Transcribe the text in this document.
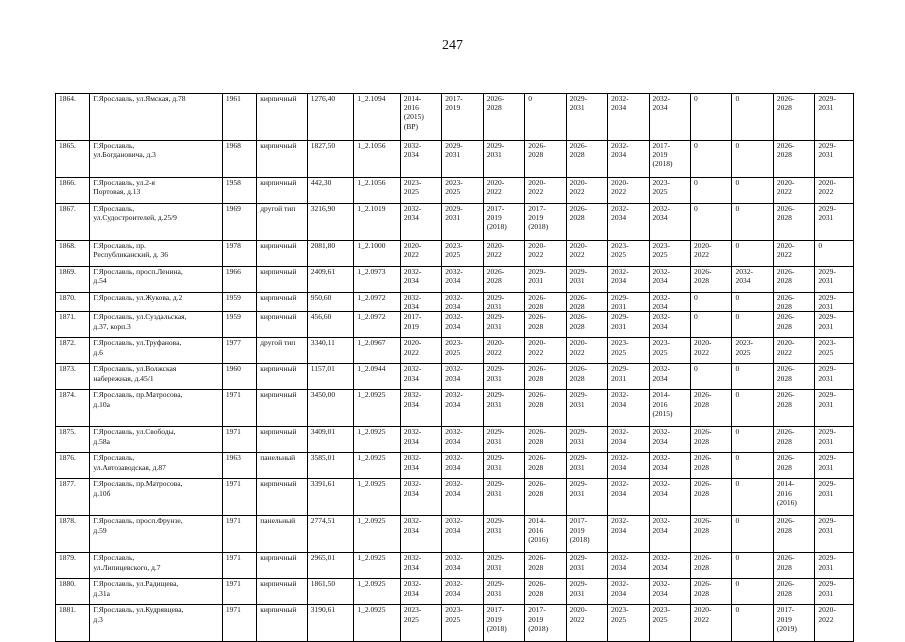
247
1864.	Г.Ярославль, ул.Ямская, д.78	1961	кирпичный	1276,40	1_2.1094	2014-
2016
(2015)
(ВР)	2017-
2019	2026-
2028	0	2029-
2031	2032-
2034	2032-
2034	0	0	2026-
2028	2029-
2031
1865.	Г.Ярославль,
ул.Богдановича, д.3	1968	кирпичный	1827,50	1_2.1056	2032-
2034	2029-
2031	2029-
2031	2026-
2028	2026-
2028	2032-
2034	2017-
2019
(2018)	0	0	2026-
2028	2029-
2031
1866.	Г.Ярославль, ул.2-я
Портовая, д.13	1958	кирпичный	442,30	1_2.1056	2023-
2025	2023-
2025	2020-
2022	2020-
2022	2020-
2022	2020-
2022	2023-
2025	0	0	2020-
2022	2020-
2022
1867.	Г.Ярославль,
ул.Судостроителей, д.25/9	1969	другой тип	3216,90	1_2.1019	2032-
2034	2029-
2031	2017-
2019
(2018)	2017-
2019
(2018)	2026-
2028	2032-
2034	2032-
2034	0	0	2026-
2028	2029-
2031
1868.	Г.Ярославль, пр.
Республиканский, д. 36	1978	кирпичный	2081,80	1_2.1000	2020-
2022	2023-
2025	2020-
2022	2020-
2022	2020-
2022	2023-
2025	2023-
2025	2020-
2022	0	2020-
2022	0
1869.	Г.Ярославль, просп.Ленина,
д.54	1966	кирпичный	2409,61	1_2.0973	2032-
2034	2032-
2034	2026-
2028	2029-
2031	2029-
2031	2032-
2034	2032-
2034	2026-
2028	2032-
2034	2026-
2028	2029-
2031
1870.	Г.Ярославль, ул.Жукова, д.2	1959	кирпичный	950,60	1_2.0972	2032-
2034	2032-
2034	2029-
2031	2026-
2028	2026-
2028	2029-
2031	2032-
2034	0	0	2026-
2028	2029-
2031
1871.	Г.Ярославль, ул.Суздальская,
д.37, корп.3	1959	кирпичный	456,60	1_2.0972	2017-
2019	2032-
2034	2029-
2031	2026-
2028	2026-
2028	2029-
2031	2032-
2034	0	0	2026-
2028	2029-
2031
1872.	Г.Ярославль, ул.Труфанова,
д.6	1977	другой тип	3340,11	1_2.0967	2020-
2022	2023-
2025	2020-
2022	2020-
2022	2020-
2022	2023-
2025	2023-
2025	2020-
2022	2023-
2025	2020-
2022	2023-
2025
1873.	Г.Ярославль, ул.Волжская
набережная, д.45/1	1960	кирпичный	1157,01	1_2.0944	2032-
2034	2032-
2034	2029-
2031	2026-
2028	2026-
2028	2029-
2031	2032-
2034	0	0	2026-
2028	2029-
2031
1874.	Г.Ярославль, пр.Матросова,
д.10а	1971	кирпичный	3450,00	1_2.0925	2032-
2034	2032-
2034	2029-
2031	2026-
2028	2029-
2031	2032-
2034	2014-
2016
(2015)	2026-
2028	0	2026-
2028	2029-
2031
1875.	Г.Ярославль, ул.Свободы,
д.58а	1971	кирпичный	3409,01	1_2.0925	2032-
2034	2032-
2034	2029-
2031	2026-
2028	2029-
2031	2032-
2034	2032-
2034	2026-
2028	0	2026-
2028	2029-
2031
1876.	Г.Ярославль,
ул.Автозаводская, д.87	1963	панельный	3585,01	1_2.0925	2032-
2034	2032-
2034	2029-
2031	2026-
2028	2029-
2031	2032-
2034	2032-
2034	2026-
2028	0	2026-
2028	2029-
2031
1877.	Г.Ярославль, пр.Матросова,
д.10б	1971	кирпичный	3391,61	1_2.0925	2032-
2034	2032-
2034	2029-
2031	2026-
2028	2029-
2031	2032-
2034	2032-
2034	2026-
2028	0	2014-
2016
(2016)	2029-
2031
1878.	Г.Ярославль, просп.Фрунзе,
д.59	1971	панельный	2774,51	1_2.0925	2032-
2034	2032-
2034	2029-
2031	2014-
2016
(2016)	2017-
2019
(2018)	2032-
2034	2032-
2034	2026-
2028	0	2026-
2028	2029-
2031
1879.	Г.Ярославль,
ул.Липицевского, д.7	1971	кирпичный	2965,01	1_2.0925	2032-
2034	2032-
2034	2029-
2031	2026-
2028	2029-
2031	2032-
2034	2032-
2034	2026-
2028	0	2026-
2028	2029-
2031
1880.	Г.Ярославль, ул.Радищева,
д.31а	1971	кирпичный	1861,50	1_2.0925	2032-
2034	2032-
2034	2029-
2031	2026-
2028	2029-
2031	2032-
2034	2032-
2034	2026-
2028	0	2026-
2028	2029-
2031
1881.	Г.Ярославль, ул.Кудрявцева,
д.3	1971	кирпичный	3190,61	1_2.0925	2023-
2025	2023-
2025	2017-
2019
(2018)	2017-
2019
(2018)	2020-
2022	2023-
2025	2023-
2025	2020-
2022	0	2017-
2019
(2019)	2020-
2022
